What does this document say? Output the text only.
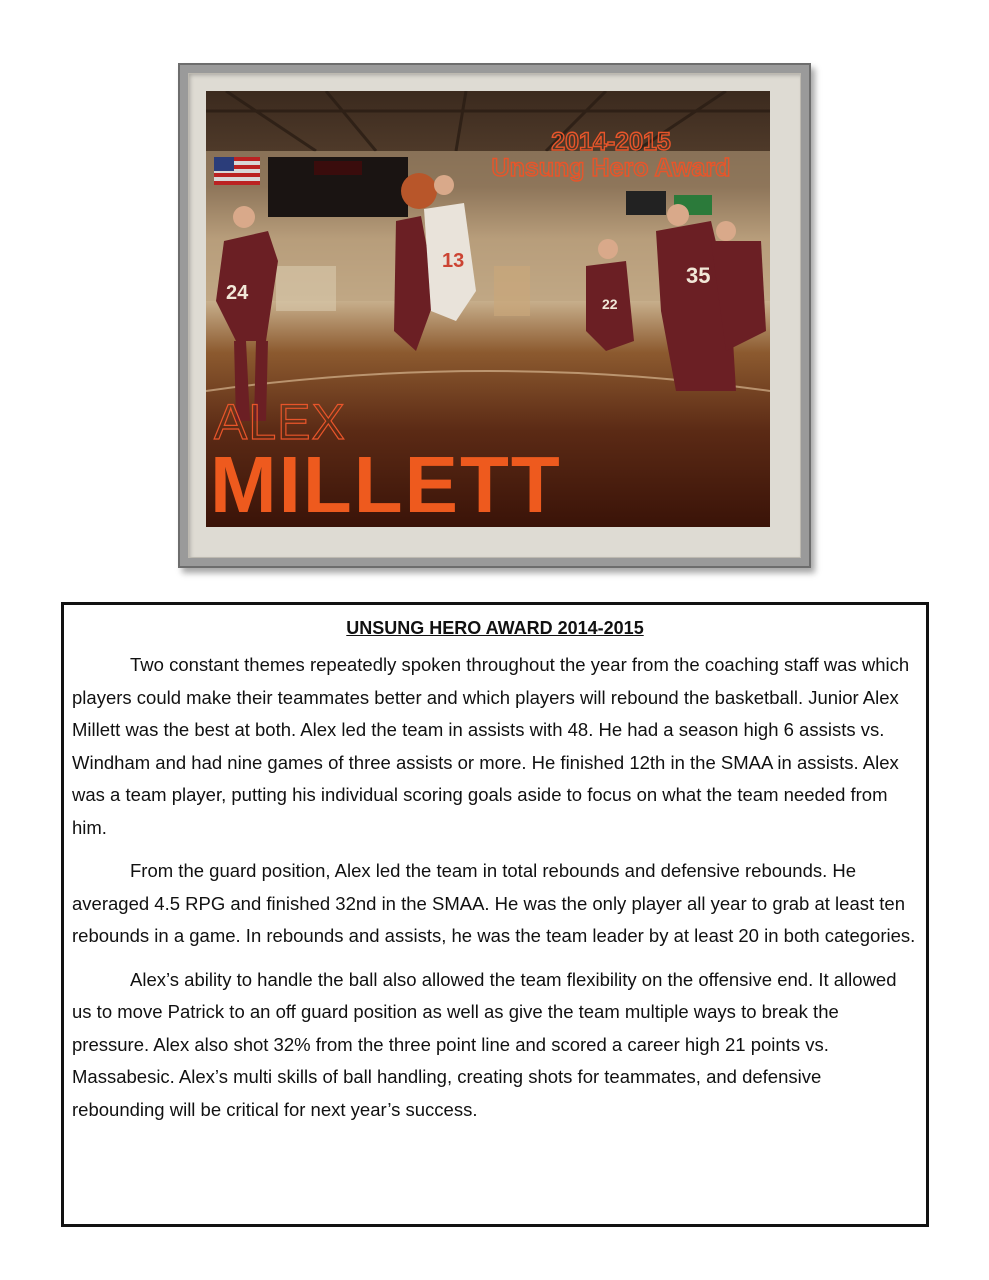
24
13
35
22
2014-2015
Unsung Hero Award
ALEX
MILLETT
UNSUNG HERO AWARD 2014-2015

Two constant themes repeatedly spoken throughout the year from the coaching staff was which players could make their teammates better and which players will rebound the basketball. Junior Alex Millett was the best at both. Alex led the team in assists with 48. He had a season high 6 assists vs. Windham and had nine games of three assists or more. He finished 12th in the SMAA in assists. Alex was a team player, putting his individual scoring goals aside to focus on what the team needed from him.

From the guard position, Alex led the team in total rebounds and defensive rebounds. He averaged 4.5 RPG and finished 32nd in the SMAA. He was the only player all year to grab at least ten rebounds in a game. In rebounds and assists, he was the team leader by at least 20 in both categories.

Alex’s ability to handle the ball also allowed the team flexibility on the offensive end. It allowed us to move Patrick to an off guard position as well as give the team multiple ways to break the pressure. Alex also shot 32% from the three point line and scored a career high 21 points vs. Massabesic. Alex’s multi skills of ball handling, creating shots for teammates, and defensive rebounding will be critical for next year’s success.
